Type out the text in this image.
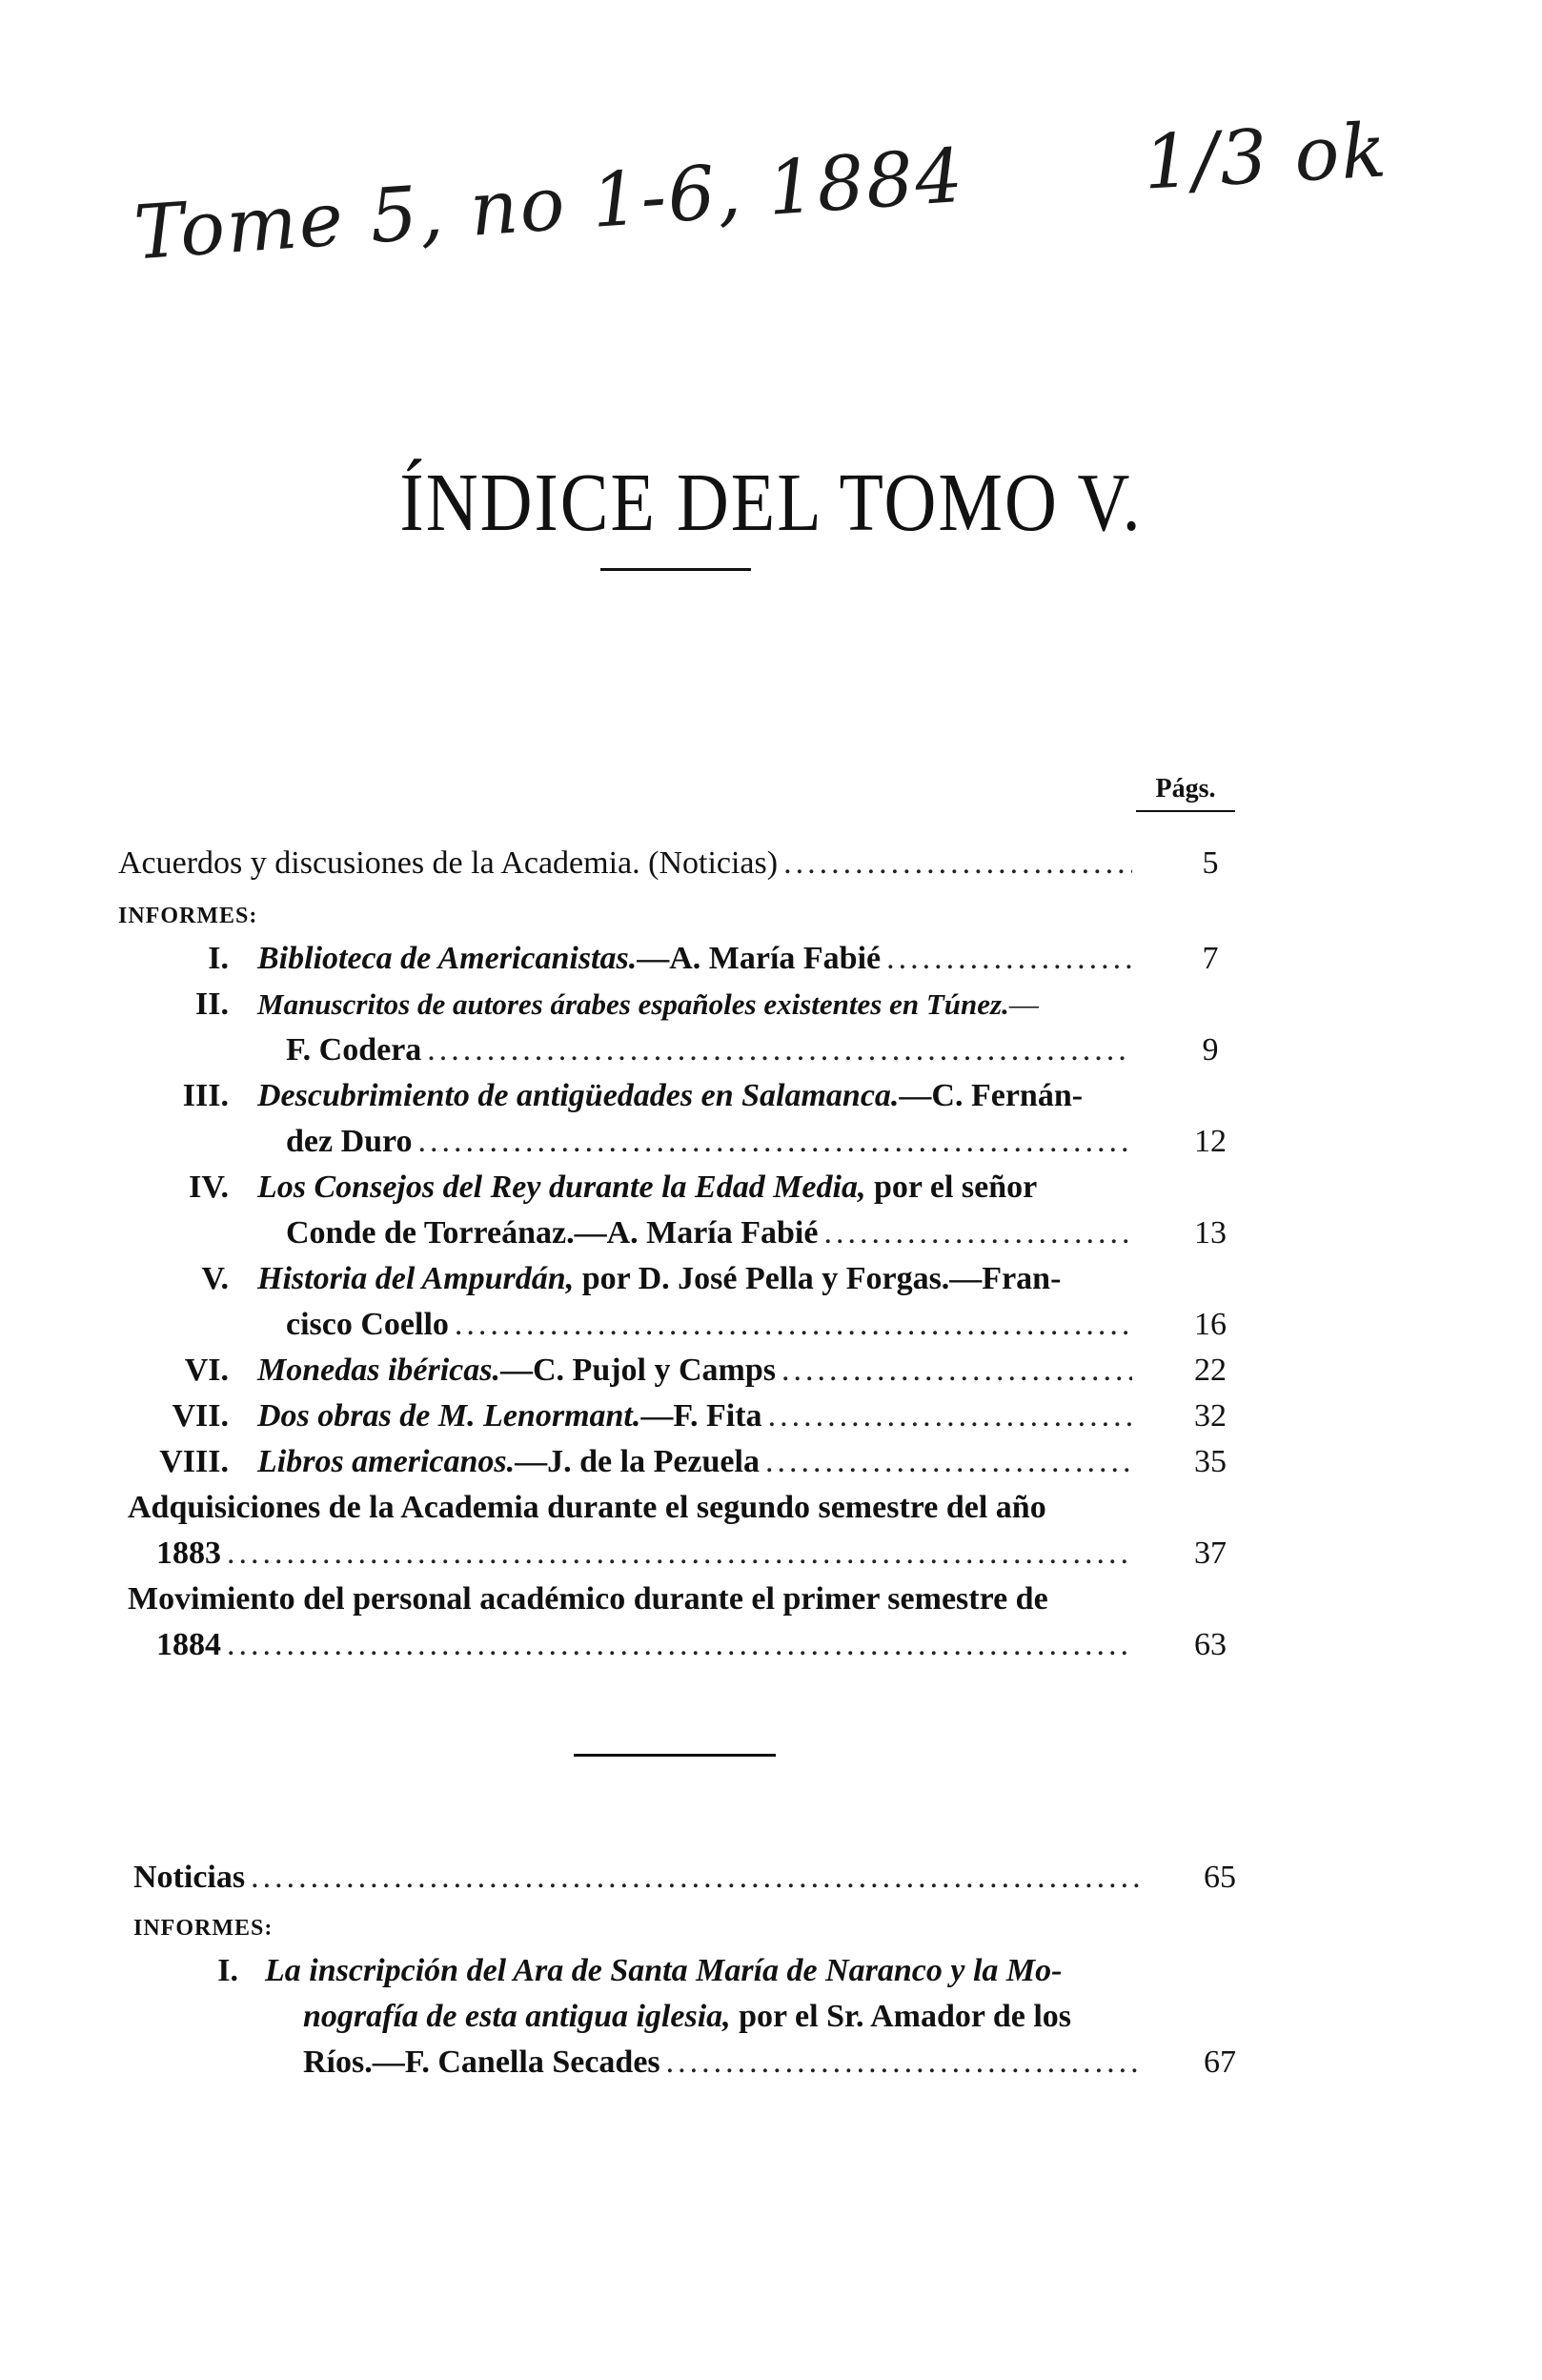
Tome 5, no 1-6, 1884 1/3 ok
ÍNDICE DEL TOMO V.
Págs.
Acuerdos y discusiones de la Academia. (Noticias) .....	5
INFORMES:
I. Biblioteca de Americanistas. —A. María Fabié .....	7
II. Manuscritos de autores árabes españoles existentes en Túnez.—
F. Codera .....	9
III. Descubrimiento de antigüedades en Salamanca.—C. Fernán-
dez Duro .....	12
IV. Los Consejos del Rey durante la Edad Media, por el señor
Conde de Torreánaz.—A. María Fabié .....	13
V. Historia del Ampurdán, por D. José Pella y Forgas.—Fran-
cisco Coello .....	16
VI. Monedas ibéricas. —C. Pujol y Camps .....	22
VII. Dos obras de M. Lenormant. —F. Fita .....	32
VIII. Libros americanos. —J. de la Pezuela .....	35
Adquisiciones de la Academia durante el segundo semestre del año
1883 .....	37
Movimiento del personal académico durante el primer semestre de
1884 .....	63
Noticias .....	65
INFORMES:
I. La inscripción del Ara de Santa María de Naranco y la Mo-
nografía de esta antigua iglesia, por el Sr. Amador de los
Ríos.—F. Canella Secades .....	67
